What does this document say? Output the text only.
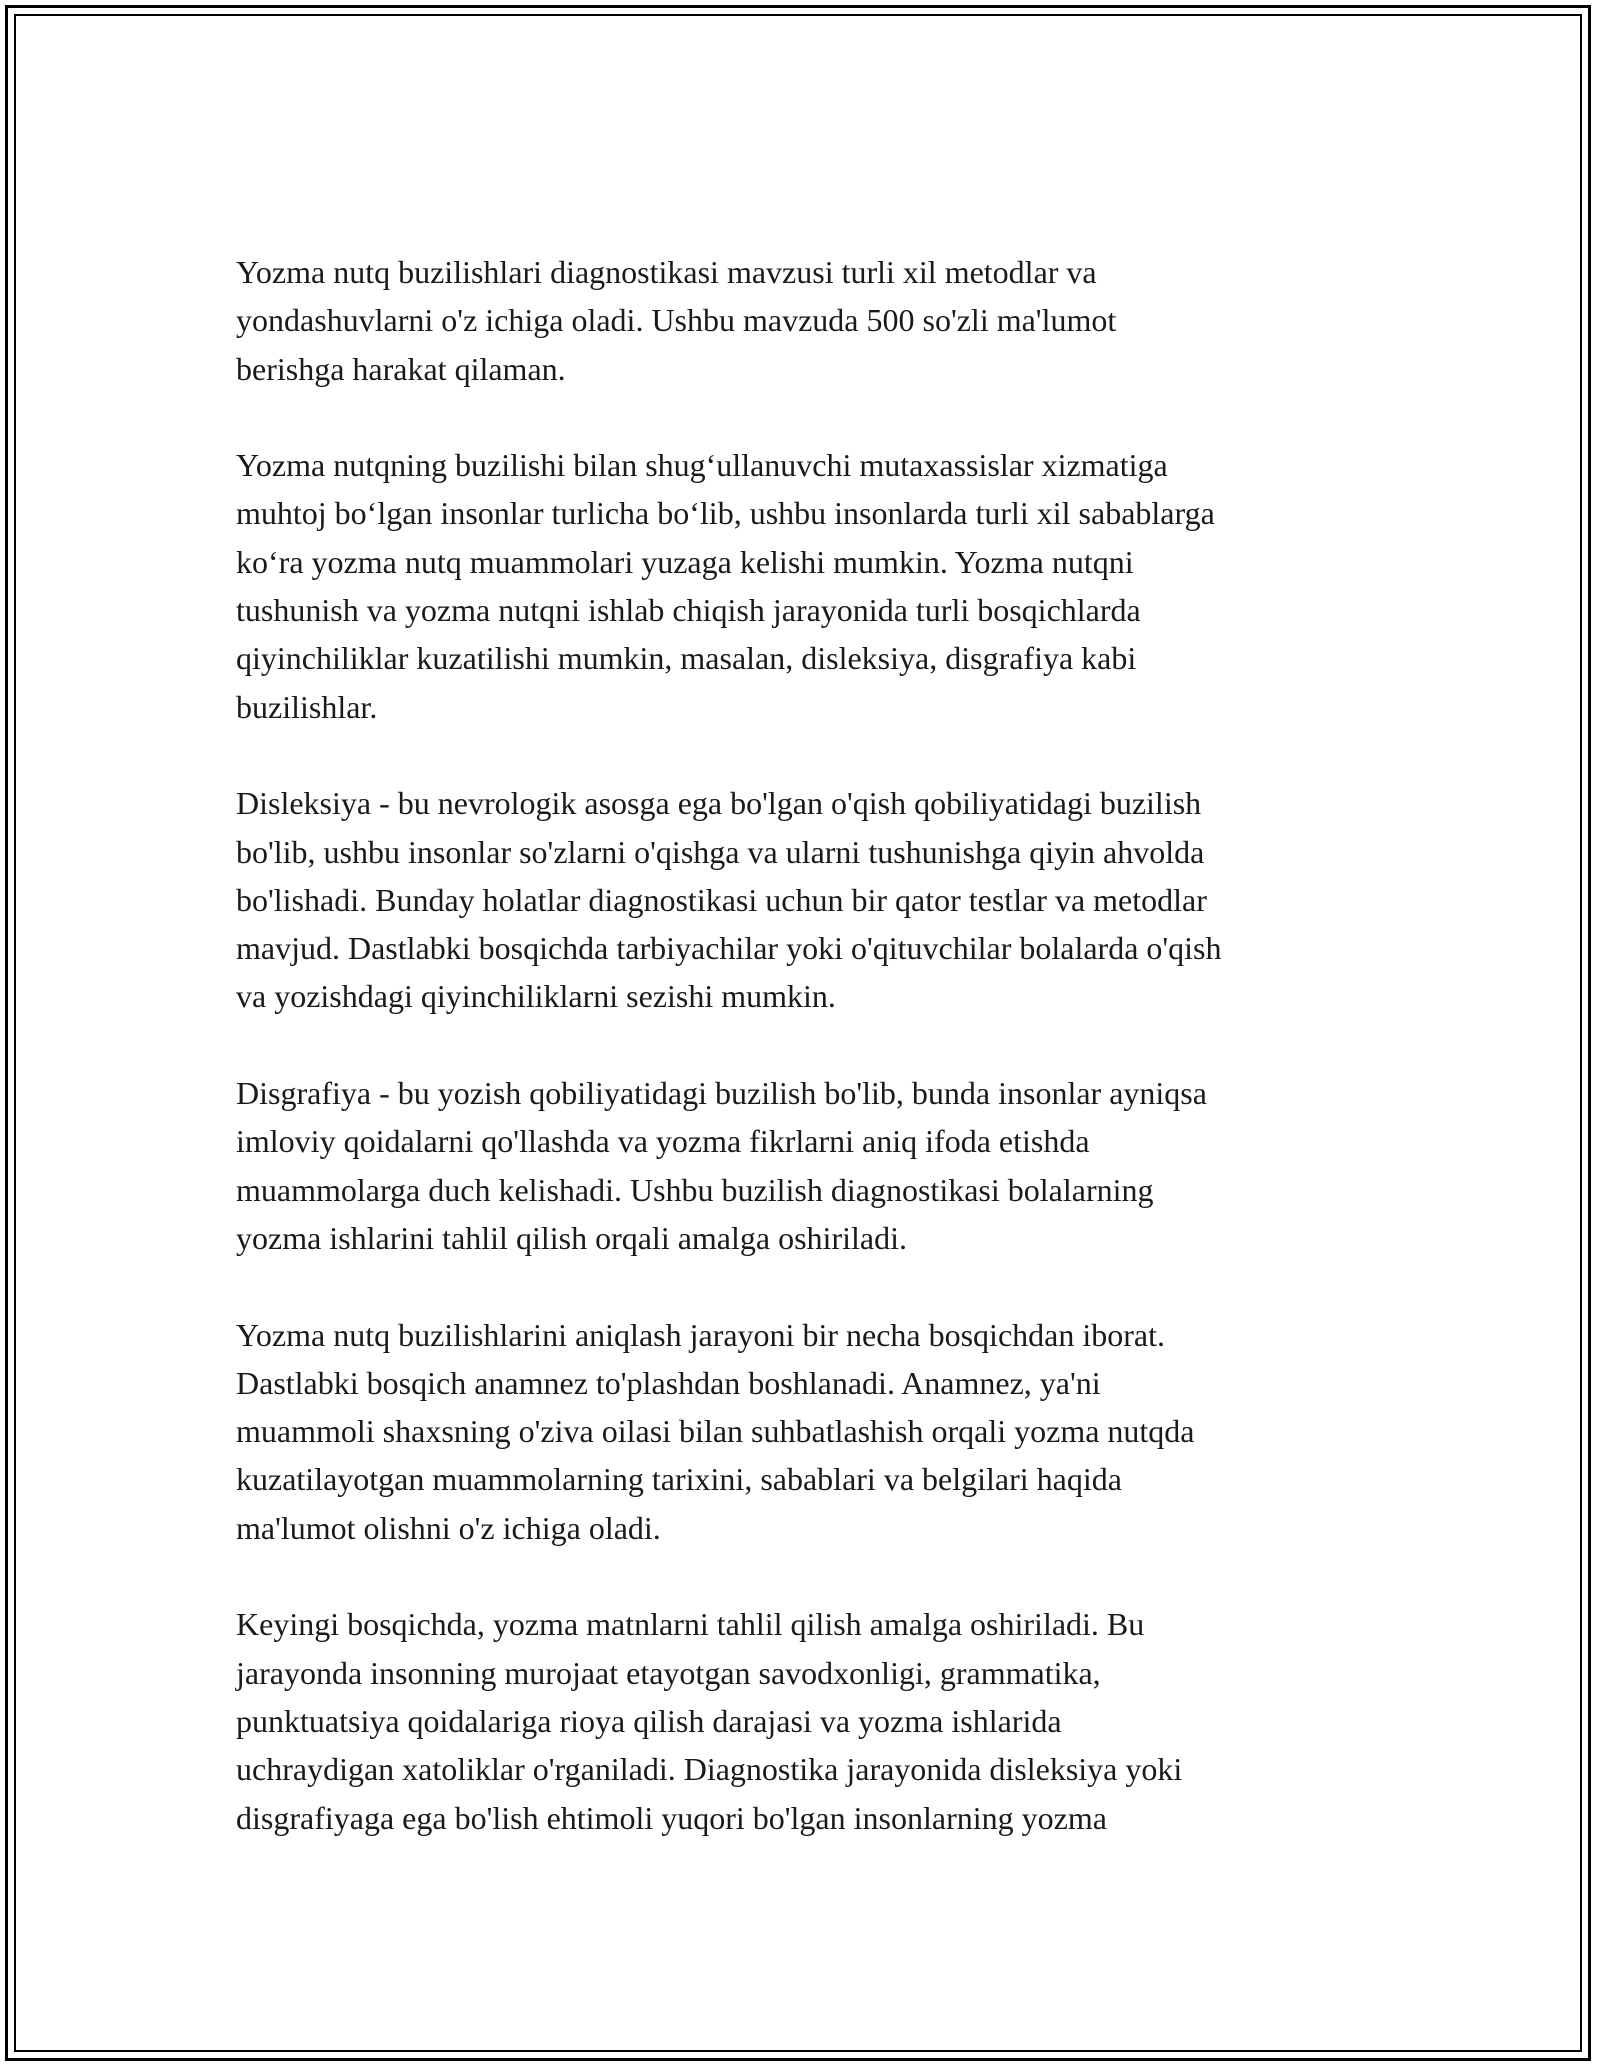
Yozma nutq buzilishlari diagnostikasi mavzusi turli xil metodlar va
yondashuvlarni o'z ichiga oladi. Ushbu mavzuda 500 so'zli ma'lumot
berishga harakat qilaman.

Yozma nutqning buzilishi bilan shug‘ullanuvchi mutaxassislar xizmatiga
muhtoj bo‘lgan insonlar turlicha bo‘lib, ushbu insonlarda turli xil sabablarga
ko‘ra yozma nutq muammolari yuzaga kelishi mumkin. Yozma nutqni
tushunish va yozma nutqni ishlab chiqish jarayonida turli bosqichlarda
qiyinchiliklar kuzatilishi mumkin, masalan, disleksiya, disgrafiya kabi
buzilishlar.

Disleksiya - bu nevrologik asosga ega bo'lgan o'qish qobiliyatidagi buzilish
bo'lib, ushbu insonlar so'zlarni o'qishga va ularni tushunishga qiyin ahvolda
bo'lishadi. Bunday holatlar diagnostikasi uchun bir qator testlar va metodlar
mavjud. Dastlabki bosqichda tarbiyachilar yoki o'qituvchilar bolalarda o'qish
va yozishdagi qiyinchiliklarni sezishi mumkin.

Disgrafiya - bu yozish qobiliyatidagi buzilish bo'lib, bunda insonlar ayniqsa
imloviy qoidalarni qo'llashda va yozma fikrlarni aniq ifoda etishda
muammolarga duch kelishadi. Ushbu buzilish diagnostikasi bolalarning
yozma ishlarini tahlil qilish orqali amalga oshiriladi.

Yozma nutq buzilishlarini aniqlash jarayoni bir necha bosqichdan iborat.
Dastlabki bosqich anamnez to'plashdan boshlanadi. Anamnez, ya'ni
muammoli shaxsning o'ziva oilasi bilan suhbatlashish orqali yozma nutqda
kuzatilayotgan muammolarning tarixini, sabablari va belgilari haqida
ma'lumot olishni o'z ichiga oladi.

Keyingi bosqichda, yozma matnlarni tahlil qilish amalga oshiriladi. Bu
jarayonda insonning murojaat etayotgan savodxonligi, grammatika,
punktuatsiya qoidalariga rioya qilish darajasi va yozma ishlarida
uchraydigan xatoliklar o'rganiladi. Diagnostika jarayonida disleksiya yoki
disgrafiyaga ega bo'lish ehtimoli yuqori bo'lgan insonlarning yozma
